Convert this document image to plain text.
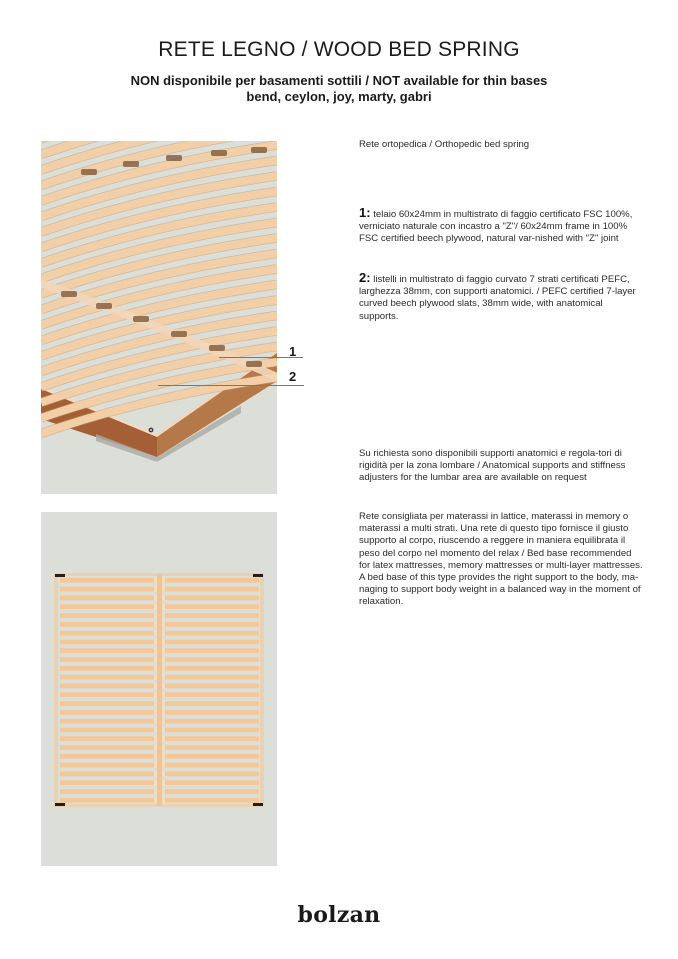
RETE LEGNO / WOOD BED SPRING
NON disponibile per basamenti sottili / NOT available for thin bases
bend, ceylon, joy, marty, gabri
1
2
Rete ortopedica / Orthopedic bed spring
1: telaio 60x24mm in multistrato di faggio certificato FSC 100%, verniciato naturale con incastro a "Z"/ 60x24mm frame in 100% FSC certified beech plywood, natural var-nished with "Z" joint
2: listelli in multistrato di faggio curvato 7 strati certificati PEFC, larghezza 38mm, con supporti anatomici. / PEFC certified 7-layer curved beech plywood slats, 38mm wide, with anatomical supports.
Su richiesta sono disponibili supporti anatomici e regola-tori di rigidità per la zona lombare / Anatomical supports and stiffness adjusters for the lumbar area are available on request
Rete consigliata per materassi in lattice, materassi in memory o materassi a multi strati. Una rete di questo tipo fornisce il giusto supporto al corpo, riuscendo a reggere in maniera equilibrata il peso del corpo nel momento del relax / Bed base recommended for latex mattresses, memory mattresses or multi-layer mattresses. A bed base of this type provides the right support to the body, ma-naging to support body weight in a balanced way in the moment of relaxation.
bolzan
